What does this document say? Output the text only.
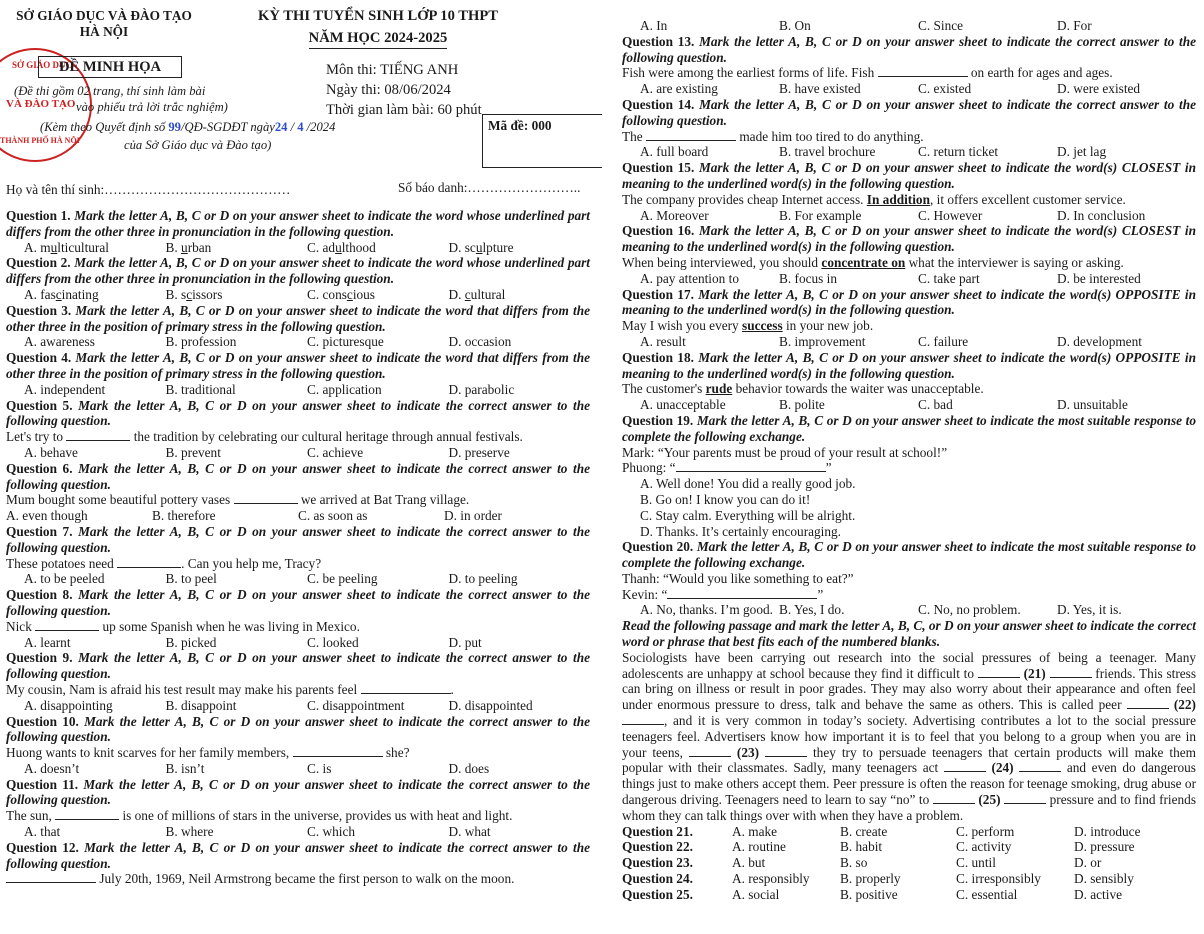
SỞ GIÁO DỤC VÀ ĐÀO TẠO
HÀ NỘI
KỲ THI TUYỂN SINH LỚP 10 THPT
NĂM HỌC 2024-2025
SỞ GIÁO DỤC
VÀ ĐÀO TẠO
THÀNH PHỐ HÀ NỘI
ĐỀ MINH HỌA
(Đề thi gồm 02 trang, thí sinh làm bài
vào phiếu trả lời trắc nghiệm)
(Kèm theo Quyết định số 99/QĐ-SGDĐT ngày24 / 4 /2024
của Sở Giáo dục và Đào tạo)
Môn thi: TIẾNG ANH
Ngày thi: 08/06/2024
Thời gian làm bài: 60 phút
Mã đề: 000
Họ và tên thí sinh:……………………………………	Số báo danh:……………………..
Question 1. Mark the letter A, B, C or D on your answer sheet to indicate the word whose underlined part differs from the other three in pronunciation in the following question.
A. multicultural	B. urban	C. adulthood	D. sculpture
Question 2. Mark the letter A, B, C or D on your answer sheet to indicate the word whose underlined part differs from the other three in pronunciation in the following question.
A. fascinating	B. scissors	C. conscious	D. cultural
Question 3. Mark the letter A, B, C or D on your answer sheet to indicate the word that differs from the other three in the position of primary stress in the following question.
A. awareness	B. profession	C. picturesque	D. occasion
Question 4. Mark the letter A, B, C or D on your answer sheet to indicate the word that differs from the other three in the position of primary stress in the following question.
A. independent	B. traditional	C. application	D. parabolic
Question 5. Mark the letter A, B, C or D on your answer sheet to indicate the correct answer to the following question.
Let's try to	the tradition by celebrating our cultural heritage through annual festivals.
A. behave	B. prevent	C. achieve	D. preserve
Question 6. Mark the letter A, B, C or D on your answer sheet to indicate the correct answer to the following question.
Mum bought some beautiful pottery vases	we arrived at Bat Trang village.
A. even though	B. therefore	C. as soon as	D. in order
Question 7. Mark the letter A, B, C or D on your answer sheet to indicate the correct answer to the following question.
These potatoes need	. Can you help me, Tracy?
A. to be peeled	B. to peel	C. be peeling	D. to peeling
Question 8. Mark the letter A, B, C or D on your answer sheet to indicate the correct answer to the following question.
Nick	up some Spanish when he was living in Mexico.
A. learnt	B. picked	C. looked	D. put
Question 9. Mark the letter A, B, C or D on your answer sheet to indicate the correct answer to the following question.
My cousin, Nam is afraid his test result may make his parents feel	.
A. disappointing	B. disappoint	C. disappointment	D. disappointed
Question 10. Mark the letter A, B, C or D on your answer sheet to indicate the correct answer to the following question.
Huong wants to knit scarves for her family members,	she?
A. doesn’t	B. isn’t	C. is	D. does
Question 11. Mark the letter A, B, C or D on your answer sheet to indicate the correct answer to the following question.
The sun,	is one of millions of stars in the universe, provides us with heat and light.
A. that	B. where	C. which	D. what
Question 12. Mark the letter A, B, C or D on your answer sheet to indicate the correct answer to the following question.
July 20th, 1969, Neil Armstrong became the first person to walk on the moon.
A. In	B. On	C. Since	D. For
Question 13. Mark the letter A, B, C or D on your answer sheet to indicate the correct answer to the following question.
Fish were among the earliest forms of life. Fish	on earth for ages and ages.
A. are existing	B. have existed	C. existed	D. were existed
Question 14. Mark the letter A, B, C or D on your answer sheet to indicate the correct answer to the following question.
The	made him too tired to do anything.
A. full board	B. travel brochure	C. return ticket	D. jet lag
Question 15. Mark the letter A, B, C or D on your answer sheet to indicate the word(s) CLOSEST in meaning to the underlined word(s) in the following question.
The company provides cheap Internet access. In addition, it offers excellent customer service.
A. Moreover	B. For example	C. However	D. In conclusion
Question 16. Mark the letter A, B, C or D on your answer sheet to indicate the word(s) CLOSEST in meaning to the underlined word(s) in the following question.
When being interviewed, you should concentrate on what the interviewer is saying or asking.
A. pay attention to	B. focus in	C. take part	D. be interested
Question 17. Mark the letter A, B, C or D on your answer sheet to indicate the word(s) OPPOSITE in meaning to the underlined word(s) in the following question.
May I wish you every success in your new job.
A. result	B. improvement	C. failure	D. development
Question 18. Mark the letter A, B, C or D on your answer sheet to indicate the word(s) OPPOSITE in meaning to the underlined word(s) in the following question.
The customer's rude behavior towards the waiter was unacceptable.
A. unacceptable	B. polite	C. bad	D. unsuitable
Question 19. Mark the letter A, B, C or D on your answer sheet to indicate the most suitable response to complete the following exchange.
Mark: “Your parents must be proud of your result at school!”
Phuong: “	”
A. Well done! You did a really good job.
B. Go on! I know you can do it!
C. Stay calm. Everything will be alright.
D. Thanks. It’s certainly encouraging.
Question 20. Mark the letter A, B, C or D on your answer sheet to indicate the most suitable response to complete the following exchange.
Thanh: “Would you like something to eat?”
Kevin: “	”
A. No, thanks. I’m good. B. Yes, I do.	C. No, no problem.	D. Yes, it is.
Read the following passage and mark the letter A, B, C, or D on your answer sheet to indicate the correct word or phrase that best fits each of the numbered blanks.
Sociologists have been carrying out research into the social pressures of being a teenager. Many adolescents are unhappy at school because they find it difficult to	(21)	friends. This stress can bring on illness or result in poor grades. They may also worry about their appearance and often feel under enormous pressure to dress, talk and behave the same as others. This is called peer	(22) , and it is very common in today’s society. Advertising contributes a lot to the social pressure teenagers feel. Advertisers know how important it is to feel that you belong to a group when you are in your teens,	(23)	they try to persuade teenagers that certain products will make them popular with their classmates. Sadly, many teenagers act	(24)	and even do dangerous things just to make others accept them. Peer pressure is often the reason for teenage smoking, drug abuse or dangerous driving. Teenagers need to learn to say “no” to	(25)	pressure and to find friends whom they can talk things over with when they have a problem.
Question 21.	A. make	B. create	C. perform	D. introduce
Question 22.	A. routine	B. habit	C. activity	D. pressure
Question 23.	A. but	B. so	C. until	D. or
Question 24.	A. responsibly	B. properly	C. irresponsibly	D. sensibly
Question 25.	A. social	B. positive	C. essential	D. active
